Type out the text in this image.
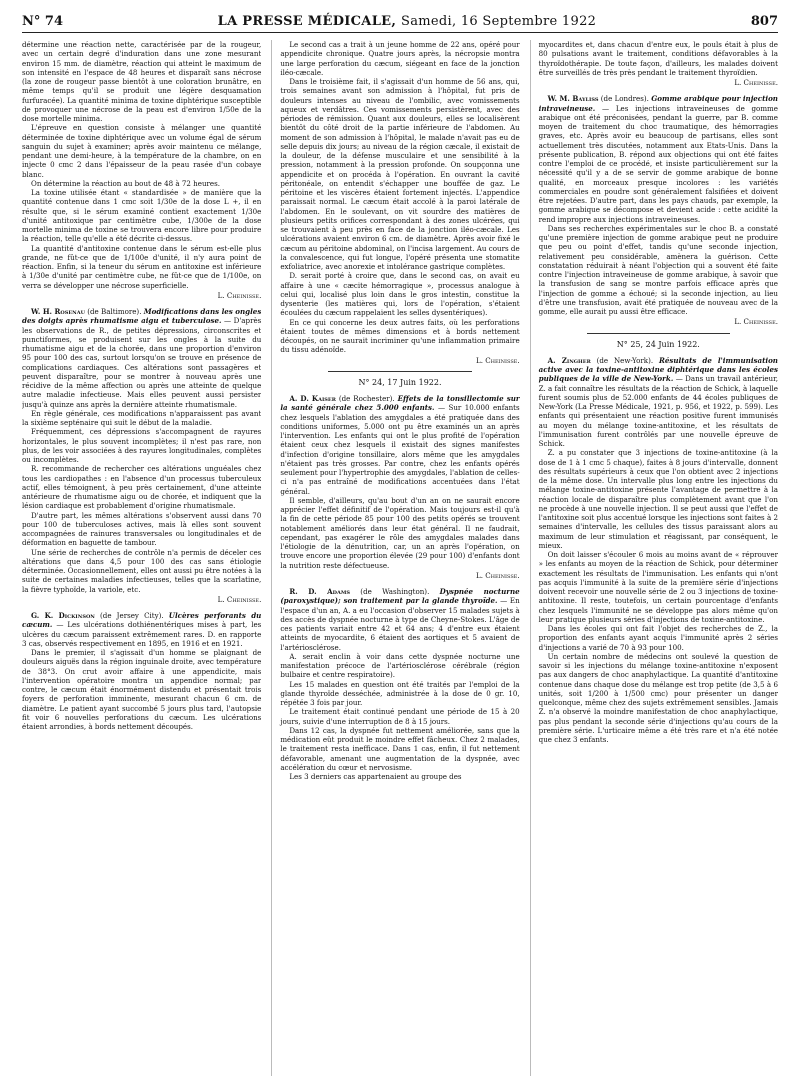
N° 74	LA PRESSE MÉDICALE, Samedi, 16 Septembre 1922	807

détermine une réaction nette, caractérisée par de la rougeur, avec un certain degré d'induration dans une zone mesurant environ 15 mm. de diamètre, réaction qui atteint le maximum de son intensité en l'espace de 48 heures et disparaît sans nécrose (la zone de rougeur passe bientôt à une coloration brunâtre, en même temps qu'il se produit une légère desquamation furfuracée). La quantité minima de toxine diphtérique susceptible de provoquer une nécrose de la peau est d'environ 1/50e de la dose mortelle minima.

L'épreuve en question consiste à mélanger une quantité déterminée de toxine diphtérique avec un volume égal de sérum sanguin du sujet à examiner; après avoir maintenu ce mélange, pendant une demi-heure, à la température de la chambre, on en injecte 0 cmc 2 dans l'épaisseur de la peau rasée d'un cobaye blanc.

On détermine la réaction au bout de 48 à 72 heures.

La toxine utilisée étant « standardisée » de manière que la quantité contenue dans 1 cmc soit 1/30e de la dose L +, il en résulte que, si le sérum examiné contient exactement 1/30e d'unité antitoxique par centimètre cube, 1/300e de la dose mortelle minima de toxine se trouvera encore libre pour produire la réaction, telle qu'elle a été décrite ci-dessus.

La quantité d'antitoxine contenue dans le sérum est-elle plus grande, ne fût-ce que de 1/100e d'unité, il n'y aura point de réaction. Enfin, si la teneur du sérum en antitoxine est inférieure à 1/30e d'unité par centimètre cube, ne fût-ce que de 1/100e, on verra se développer une nécrose superficielle.

L. Cheinisse.

W. H. Rosenau (de Baltimore). Modifications dans les ongles des doigts après rhumatisme aigu et tuberculose. — D'après les observations de R., de petites dépressions, circonscrites et punctiformes, se produisent sur les ongles à la suite du rhumatisme aigu et de la chorée, dans une proportion d'environ 95 pour 100 des cas, surtout lorsqu'on se trouve en présence de complications cardiaques. Ces altérations sont passagères et peuvent disparaître, pour se montrer à nouveau après une récidive de la même affection ou après une atteinte de quelque autre maladie infectieuse. Mais elles peuvent aussi persister jusqu'à quinze ans après la dernière atteinte rhumatismale.

En règle générale, ces modifications n'apparaissent pas avant la sixième septénaire qui suit le début de la maladie.

Fréquemment, ces dépressions s'accompagnent de rayures horizontales, le plus souvent incomplètes; il n'est pas rare, non plus, de les voir associées à des rayures longitudinales, complètes ou incomplètes.

R. recommande de rechercher ces altérations unguéales chez tous les cardiopathes : en l'absence d'un processus tuberculeux actif, elles témoignent, à peu près certainement, d'une atteinte antérieure de rhumatisme aigu ou de chorée, et indiquent que la lésion cardiaque est probablement d'origine rhumatismale.

D'autre part, les mêmes altérations s'observent aussi dans 70 pour 100 de tuberculoses actives, mais là elles sont souvent accompagnées de rainures transversales ou longitudinales et de déformation en baguette de tambour.

Une série de recherches de contrôle n'a permis de déceler ces altérations que dans 4,5 pour 100 des cas sans étiologie déterminée. Occasionnellement, elles ont aussi pu être notées à la suite de certaines maladies infectieuses, telles que la scarlatine, la fièvre typhoïde, la variole, etc.

L. Cheinisse.

G. K. Dickinson (de Jersey City). Ulcères perforants du cæcum. — Les ulcérations dothiénentériques mises à part, les ulcères du cæcum paraissent extrêmement rares. D. en rapporte 3 cas, observés respectivement en 1895, en 1916 et en 1921.

Dans le premier, il s'agissait d'un homme se plaignant de douleurs aiguës dans la région inguinale droite, avec température de 38°3. On crut avoir affaire à une appendicite, mais l'intervention opératoire montra un appendice normal; par contre, le cæcum était énormément distendu et présentait trois foyers de perforation imminente, mesurant chacun 6 cm. de diamètre. Le patient ayant succombé 5 jours plus tard, l'autopsie fit voir 6 nouvelles perforations du cæcum. Les ulcérations étaient arrondies, à bords nettement découpés.

Le second cas a trait à un jeune homme de 22 ans, opéré pour appendicite chronique. Quatre jours après, la nécropsie montra une large perforation du cæcum, siégeant en face de la jonction iléo-cæcale.

Dans le troisième fait, il s'agissait d'un homme de 56 ans, qui, trois semaines avant son admission à l'hôpital, fut pris de douleurs intenses au niveau de l'ombilic, avec vomissements aqueux et verdâtres. Ces vomissements persistèrent, avec des périodes de rémission. Quant aux douleurs, elles se localisèrent bientôt du côté droit de la partie inférieure de l'abdomen. Au moment de son admission à l'hôpital, le malade n'avait pas eu de selle depuis dix jours; au niveau de la région cæcale, il existait de la douleur, de la défense musculaire et une sensibilité à la pression, notamment à la pression profonde. On soupçonna une appendicite et on procéda à l'opération. En ouvrant la cavité péritonéale, on entendit s'échapper une bouffée de gaz. Le péritoine et les viscères étaient fortement injectés. L'appendice paraissait normal. Le cæcum était accolé à la paroi latérale de l'abdomen. En le soulevant, on vit sourdre des matières de plusieurs petits orifices correspondant à des zones ulcérées, qui se trouvaient à peu près en face de la jonction iléo-cæcale. Les ulcérations avaient environ 6 cm. de diamètre. Après avoir fixé le cæcum au péritoine abdominal, on l'incisa largement. Au cours de la convalescence, qui fut longue, l'opéré présenta une stomatite exfoliatrice, avec anorexie et intolérance gastrique complètes.

D. serait porté à croire que, dans le second cas, on avait eu affaire à une « cæcite hémorragique », processus analogue à celui qui, localisé plus loin dans le gros intestin, constitue la dysenterie (les matières qui, lors de l'opération, s'étaient écoulées du cæcum rappelaient les selles dysentériques).

En ce qui concerne les deux autres faits, où les perforations étaient toutes de mêmes dimensions et à bords nettement découpés, on ne saurait incriminer qu'une inflammation primaire du tissu adénoïde.

L. Cheinisse.

N° 24, 17 Juin 1922.

A. D. Kaiser (de Rochester). Effets de la tonsillectomie sur la santé générale chez 5.000 enfants. — Sur 10.000 enfants chez lesquels l'ablation des amygdales a été pratiquée dans des conditions uniformes, 5.000 ont pu être examinés un an après l'intervention. Les enfants qui ont le plus profité de l'opération étaient ceux chez lesquels il existait des signes manifestes d'infection d'origine tonsillaire, alors même que les amygdales n'étaient pas très grosses. Par contre, chez les enfants opérés seulement pour l'hypertrophie des amygdales, l'ablation de celles-ci n'a pas entraîné de modifications accentuées dans l'état général.

Il semble, d'ailleurs, qu'au bout d'un an on ne saurait encore apprécier l'effet définitif de l'opération. Mais toujours est-il qu'à la fin de cette période 85 pour 100 des petits opérés se trouvent notablement améliorés dans leur état général. Il ne faudrait, cependant, pas exagérer le rôle des amygdales malades dans l'étiologie de la dénutrition, car, un an après l'opération, on trouve encore une proportion élevée (29 pour 100) d'enfants dont la nutrition reste défectueuse.

L. Cheinisse.

R. D. Adams (de Washington). Dyspnée nocturne (paroxystique); son traitement par la glande thyroïde. — En l'espace d'un an, A. a eu l'occasion d'observer 15 malades sujets à des accès de dyspnée nocturne à type de Cheyne-Stokes. L'âge de ces patients variait entre 42 et 64 ans; 4 d'entre eux étaient atteints de myocardite, 6 étaient des aortiques et 5 avaient de l'artériosclérose.

A. serait enclin à voir dans cette dyspnée nocturne une manifestation précoce de l'artériosclérose cérébrale (région bulbaire et centre respiratoire).

Les 15 malades en question ont été traités par l'emploi de la glande thyroïde desséchée, administrée à la dose de 0 gr. 10, répétée 3 fois par jour.

Le traitement était continué pendant une période de 15 à 20 jours, suivie d'une interruption de 8 à 15 jours.

Dans 12 cas, la dyspnée fut nettement améliorée, sans que la médication eût produit le moindre effet fâcheux. Chez 2 malades, le traitement resta inefficace. Dans 1 cas, enfin, il fut nettement défavorable, amenant une augmentation de la dyspnée, avec accélération du cœur et nervosisme.

Les 3 derniers cas appartenaient au groupe des

myocardites et, dans chacun d'entre eux, le pouls était à plus de 80 pulsations avant le traitement, conditions défavorables à la thyroïdothérapie. De toute façon, d'ailleurs, les malades doivent être surveillés de très près pendant le traitement thyroïdien.

L. Cheinisse.

W. M. Bayliss (de Londres). Gomme arabique pour injection intraveineuse. — Les injections intraveineuses de gomme arabique ont été préconisées, pendant la guerre, par B. comme moyen de traitement du choc traumatique, des hémorragies graves, etc. Après avoir eu beaucoup de partisans, elles sont actuellement très discutées, notamment aux Etats-Unis. Dans la présente publication, B. répond aux objections qui ont été faites contre l'emploi de ce procédé, et insiste particulièrement sur la nécessité qu'il y a de se servir de gomme arabique de bonne qualité, en morceaux presque incolores : les variétés commerciales en poudre sont généralement falsifiées et doivent être rejetées. D'autre part, dans les pays chauds, par exemple, la gomme arabique se décompose et devient acide : cette acidité la rend impropre aux injections intraveineuses.

Dans ses recherches expérimentales sur le choc B. a constaté qu'une première injection de gomme arabique peut ne produire que peu ou point d'effet, tandis qu'une seconde injection, relativement peu considérable, amènera la guérison. Cette constatation réduirait à néant l'objection qui a souvent été faite contre l'injection intraveineuse de gomme arabique, à savoir que la transfusion de sang se montre parfois efficace après que l'injection de gomme a échoué; si la seconde injection, au lieu d'être une transfusion, avait été pratiquée de nouveau avec de la gomme, elle aurait pu aussi être efficace.

L. Cheinisse.

N° 25, 24 Juin 1922.

A. Zingher (de New-York). Résultats de l'immunisation active avec la toxine-antitoxine diphtérique dans les écoles publiques de la ville de New-York. — Dans un travail antérieur, Z. a fait connaître les résultats de la réaction de Schick, à laquelle furent soumis plus de 52.000 enfants de 44 écoles publiques de New-York (La Presse Médicale, 1921, p. 956, et 1922, p. 599). Les enfants qui présentaient une réaction positive furent immunisés au moyen du mélange toxine-antitoxine, et les résultats de l'immunisation furent contrôlés par une nouvelle épreuve de Schick.

Z. a pu constater que 3 injections de toxine-antitoxine (à la dose de 1 à 1 cmc 5 chaque), faites à 8 jours d'intervalle, donnent des résultats supérieurs à ceux que l'on obtient avec 2 injections de la même dose. Un intervalle plus long entre les injections du mélange toxine-antitoxine présente l'avantage de permettre à la réaction locale de disparaître plus complètement avant que l'on ne procède à une nouvelle injection. Il se peut aussi que l'effet de l'antitoxine soit plus accentué lorsque les injections sont faites à 2 semaines d'intervalle, les cellules des tissus paraissant alors au maximum de leur stimulation et réagissant, par conséquent, le mieux.

On doit laisser s'écouler 6 mois au moins avant de « réprouver » les enfants au moyen de la réaction de Schick, pour déterminer exactement les résultats de l'immunisation. Les enfants qui n'ont pas acquis l'immunité à la suite de la première série d'injections doivent recevoir une nouvelle série de 2 ou 3 injections de toxine-antitoxine. Il reste, toutefois, un certain pourcentage d'enfants chez lesquels l'immunité ne se développe pas alors même qu'on leur pratique plusieurs séries d'injections de toxine-antitoxine.

Dans les écoles qui ont fait l'objet des recherches de Z., la proportion des enfants ayant acquis l'immunité après 2 séries d'injections a varié de 70 à 93 pour 100.

Un certain nombre de médecins ont soulevé la question de savoir si les injections du mélange toxine-antitoxine n'exposent pas aux dangers de choc anaphylactique. La quantité d'antitoxine contenue dans chaque dose du mélange est trop petite (de 3,5 à 6 unités, soit 1/200 à 1/500 cmc) pour présenter un danger quelconque, même chez des sujets extrêmement sensibles. Jamais Z. n'a observé la moindre manifestation de choc anaphylactique, pas plus pendant la seconde série d'injections qu'au cours de la première série. L'urticaire même a été très rare et n'a été notée que chez 3 enfants.
